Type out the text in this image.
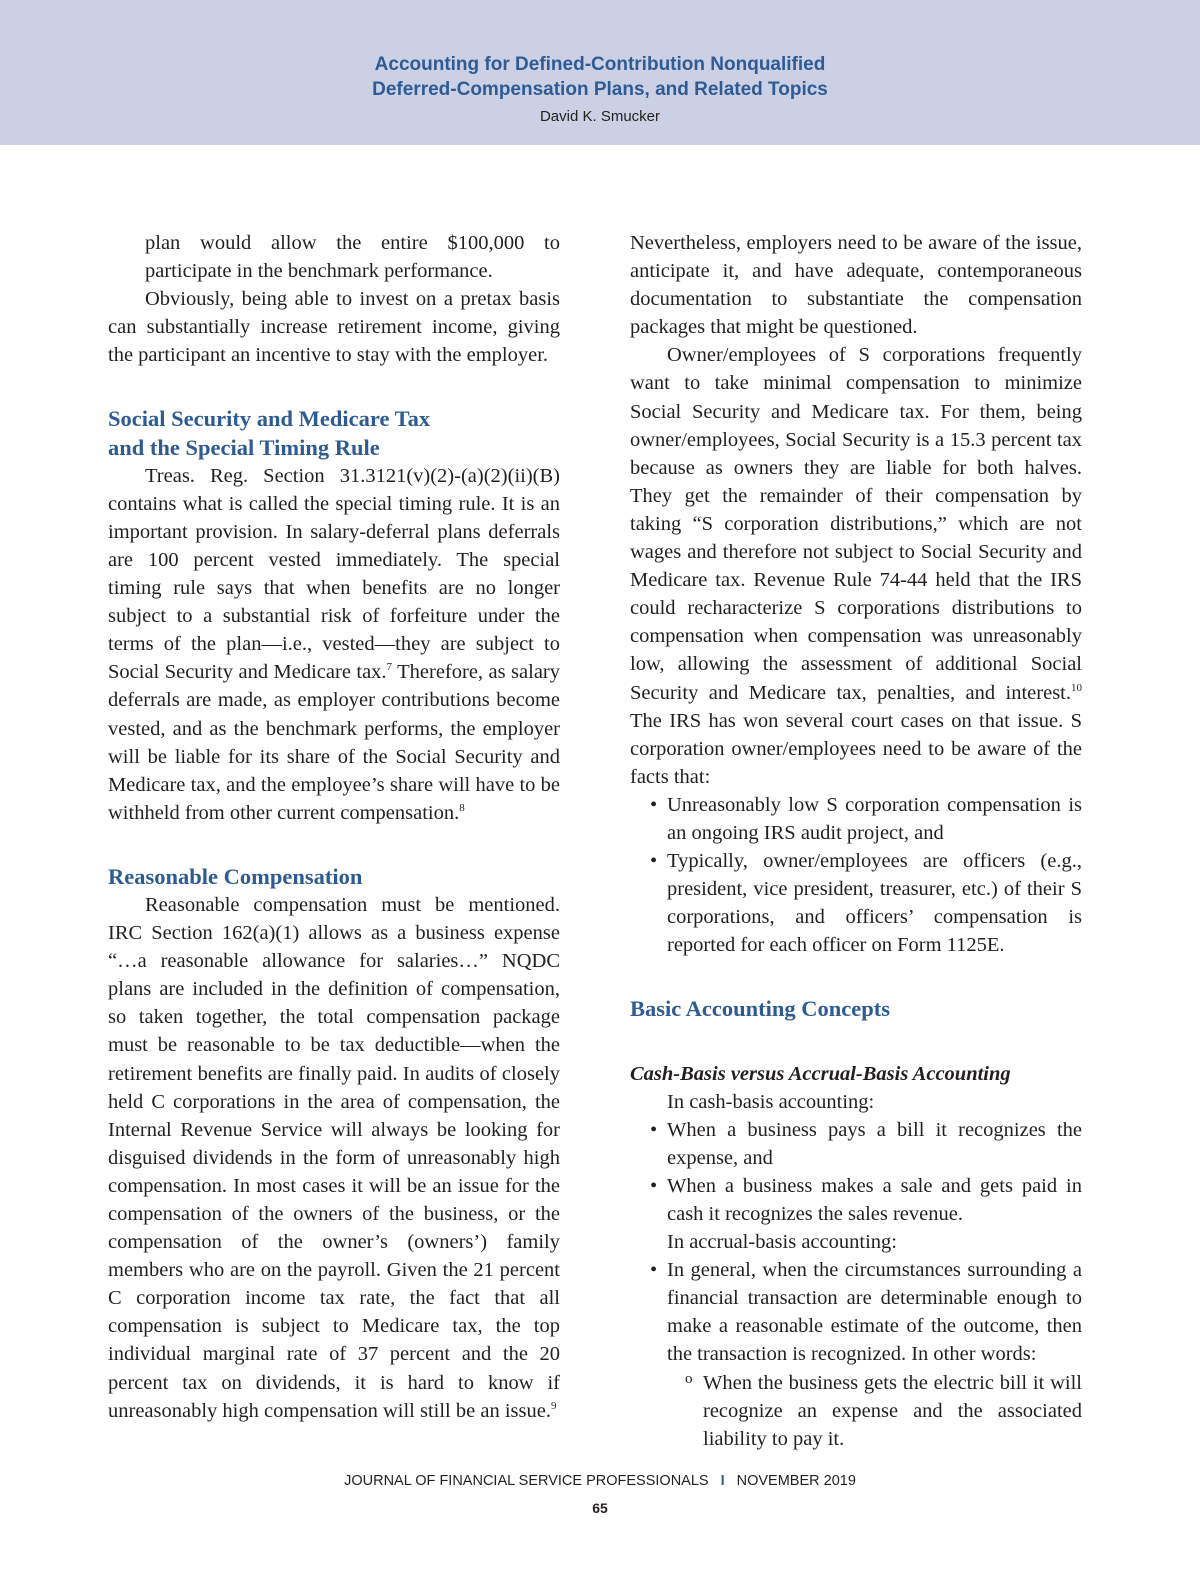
Accounting for Defined-Contribution Nonqualified
Deferred-Compensation Plans, and Related Topics
David K. Smucker

plan would allow the entire $100,000 to participate in the benchmark performance.

Obviously, being able to invest on a pretax basis can substantially increase retirement income, giving the participant an incentive to stay with the employer.

Social Security and Medicare Tax
and the Special Timing Rule

Treas. Reg. Section 31.3121(v)(2)-(a)(2)(ii)(B) contains what is called the special timing rule. It is an important provision. In salary-deferral plans deferrals are 100 percent vested immediately. The special timing rule says that when benefits are no longer subject to a substantial risk of forfeiture under the terms of the plan—i.e., vested—they are subject to Social Security and Medicare tax.$^7$ Therefore, as salary deferrals are made, as employer contributions become vested, and as the benchmark performs, the employer will be liable for its share of the Social Security and Medicare tax, and the employee’s share will have to be withheld from other current compensation.$^8$

Reasonable Compensation

Reasonable compensation must be mentioned. IRC Section 162(a)(1) allows as a business expense “…a reasonable allowance for salaries…” NQDC plans are included in the definition of compensation, so taken together, the total compensation package must be reasonable to be tax deductible—when the retirement benefits are finally paid. In audits of closely held C corporations in the area of compensation, the Internal Revenue Service will always be looking for disguised dividends in the form of unreasonably high compensation. In most cases it will be an issue for the compensation of the owners of the business, or the compensation of the owner’s (owners’) family members who are on the payroll. Given the 21 percent C corporation income tax rate, the fact that all compensation is subject to Medicare tax, the top individual marginal rate of 37 percent and the 20 percent tax on dividends, it is hard to know if unreasonably high compensation will still be an issue.$^9$

Nevertheless, employers need to be aware of the issue, anticipate it, and have adequate, contemporaneous documentation to substantiate the compensation packages that might be questioned.

Owner/employees of S corporations frequently want to take minimal compensation to minimize Social Security and Medicare tax. For them, being owner/employees, Social Security is a 15.3 percent tax because as owners they are liable for both halves. They get the remainder of their compensation by taking “S corporation distributions,” which are not wages and therefore not subject to Social Security and Medicare tax. Revenue Rule 74-44 held that the IRS could recharacterize S corporations distributions to compensation when compensation was unreasonably low, allowing the assessment of additional Social Security and Medicare tax, penalties, and interest.$^{10}$ The IRS has won several court cases on that issue. S corporation owner/employees need to be aware of the facts that:

• Unreasonably low S corporation compensation is an ongoing IRS audit project, and
• Typically, owner/employees are officers (e.g., president, vice president, treasurer, etc.) of their S corporations, and officers’ compensation is reported for each officer on Form 1125E.
Basic Accounting Concepts
Cash-Basis versus Accrual-Basis Accounting

In cash-basis accounting:

• When a business pays a bill it recognizes the expense, and
• When a business makes a sale and gets paid in cash it recognizes the sales revenue.

In accrual-basis accounting:

• In general, when the circumstances surrounding a financial transaction are determinable enough to make a reasonable estimate of the outcome, then the transaction is recognized. In other words:
o When the business gets the electric bill it will recognize an expense and the associated liability to pay it.
JOURNAL OF FINANCIAL SERVICE PROFESSIONALS I NOVEMBER 2019
65
